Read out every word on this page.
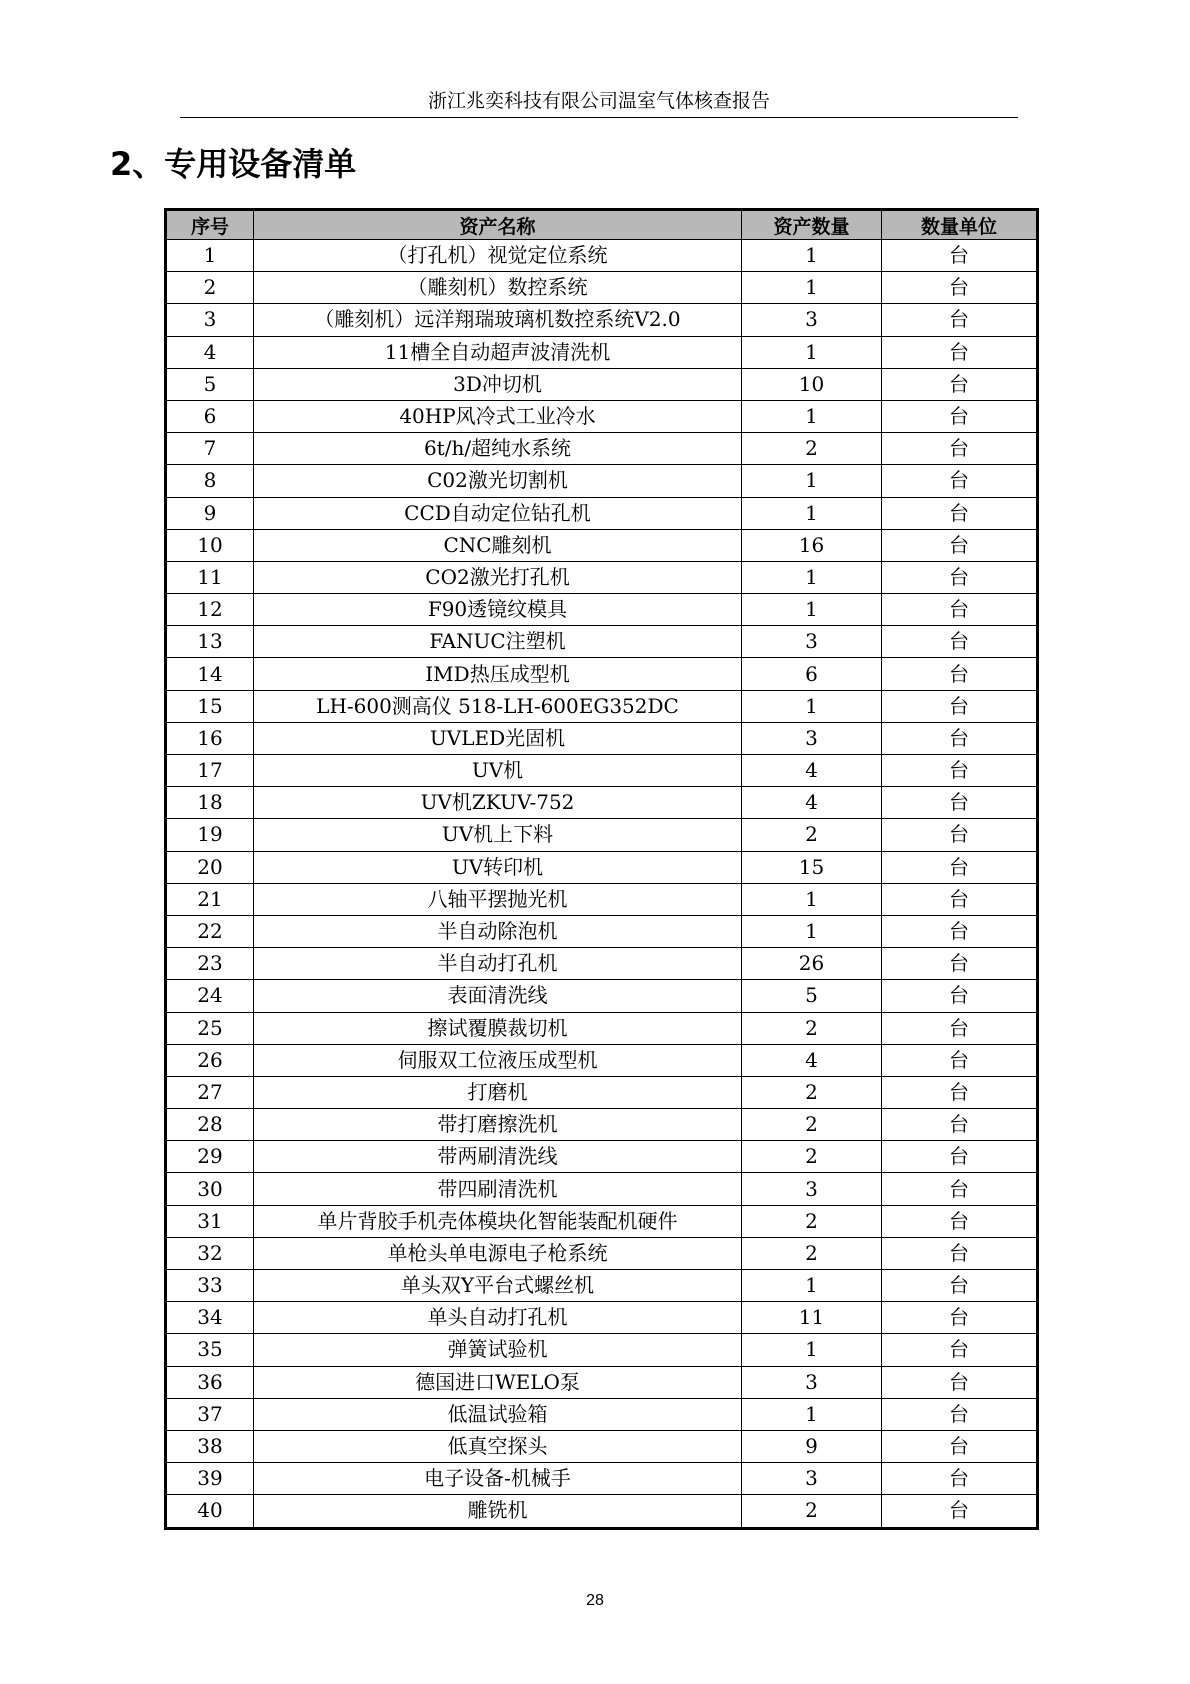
浙江兆奕科技有限公司温室气体核查报告
2、专用设备清单
序号	资产名称	资产数量	数量单位
1	（打孔机）视觉定位系统	1	台
2	（雕刻机）数控系统	1	台
3	（雕刻机）远洋翔瑞玻璃机数控系统V2.0	3	台
4	11槽全自动超声波清洗机	1	台
5	3D冲切机	10	台
6	40HP风冷式工业冷水	1	台
7	6t/h/超纯水系统	2	台
8	C02激光切割机	1	台
9	CCD自动定位钻孔机	1	台
10	CNC雕刻机	16	台
11	CO2激光打孔机	1	台
12	F90透镜纹模具	1	台
13	FANUC注塑机	3	台
14	IMD热压成型机	6	台
15	LH-600测高仪 518-LH-600EG352DC	1	台
16	UVLED光固机	3	台
17	UV机	4	台
18	UV机ZKUV-752	4	台
19	UV机上下料	2	台
20	UV转印机	15	台
21	八轴平摆抛光机	1	台
22	半自动除泡机	1	台
23	半自动打孔机	26	台
24	表面清洗线	5	台
25	擦试覆膜裁切机	2	台
26	伺服双工位液压成型机	4	台
27	打磨机	2	台
28	带打磨擦洗机	2	台
29	带两刷清洗线	2	台
30	带四刷清洗机	3	台
31	单片背胶手机壳体模块化智能装配机硬件	2	台
32	单枪头单电源电子枪系统	2	台
33	单头双Y平台式螺丝机	1	台
34	单头自动打孔机	11	台
35	弹簧试验机	1	台
36	德国进口WELO泵	3	台
37	低温试验箱	1	台
38	低真空探头	9	台
39	电子设备-机械手	3	台
40	雕铣机	2	台
28
